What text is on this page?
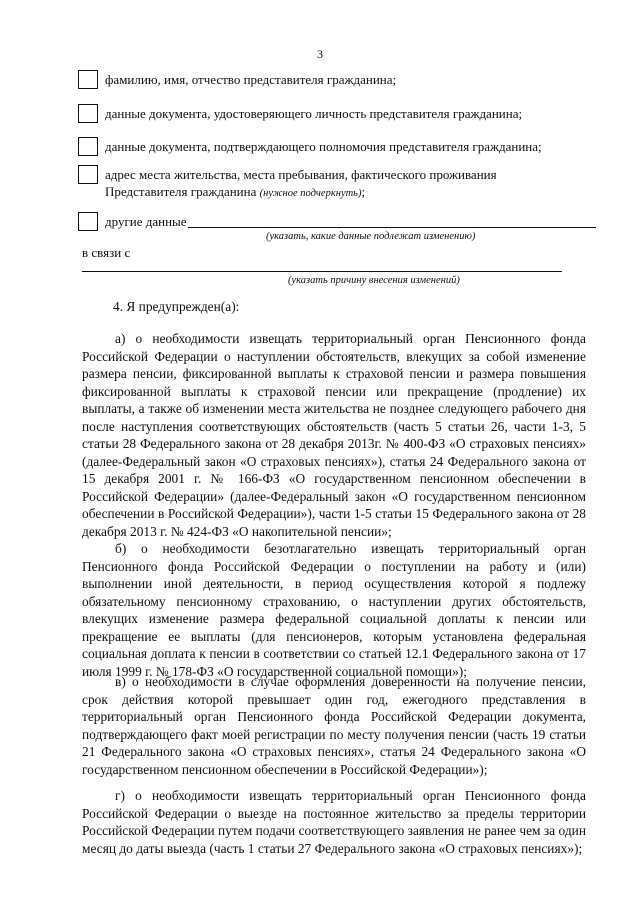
3
фамилию, имя, отчество представителя гражданина;
данные документа, удостоверяющего личность представителя гражданина;
данные документа, подтверждающего полномочия представителя гражданина;
адрес места жительства, места пребывания, фактического проживания
Представителя гражданина (нужное подчеркнуть);
другие данные
(указать, какие данные подлежат изменению)
в связи с
(указать причину внесения изменений)
4. Я предупрежден(а):
а) о необходимости извещать территориальный орган Пенсионного фонда Российской Федерации о наступлении обстоятельств, влекущих за собой изменение размера пенсии, фиксированной выплаты к страховой пенсии и размера повышения фиксированной выплаты к страховой пенсии или прекращение (продление) их выплаты, а также об изменении места жительства не позднее следующего рабочего дня после наступления соответствующих обстоятельств (часть 5 статьи 26, части 1-3, 5 статьи 28 Федерального закона от 28 декабря 2013г. № 400-ФЗ «О страховых пенсиях» (далее-Федеральный закон «О страховых пенсиях»), статья 24 Федерального закона от 15 декабря 2001 г. № 166-ФЗ «О государственном пенсионном обеспечении в Российской Федерации» (далее-Федеральный закон «О государственном пенсионном обеспечении в Российской Федерации»), части 1-5 статьи 15 Федерального закона от 28 декабря 2013 г. № 424-ФЗ «О накопительной пенсии»;
б) о необходимости безотлагательно извещать территориальный орган Пенсионного фонда Российской Федерации о поступлении на работу и (или) выполнении иной деятельности, в период осуществления которой я подлежу обязательному пенсионному страхованию, о наступлении других обстоятельств, влекущих изменение размера федеральной социальной доплаты к пенсии или прекращение ее выплаты (для пенсионеров, которым установлена федеральная социальная доплата к пенсии в соответствии со статьей 12.1 Федерального закона от 17 июля 1999 г. № 178-ФЗ «О государственной социальной помощи»);
в) о необходимости в случае оформления доверенности на получение пенсии, срок действия которой превышает один год, ежегодного представления в территориальный орган Пенсионного фонда Российской Федерации документа, подтверждающего факт моей регистрации по месту получения пенсии (часть 19 статьи 21 Федерального закона «О страховых пенсиях», статья 24 Федерального закона «О государственном пенсионном обеспечении в Российской Федерации»);
г) о необходимости извещать территориальный орган Пенсионного фонда Российской Федерации о выезде на постоянное жительство за пределы территории Российской Федерации путем подачи соответствующего заявления не ранее чем за один месяц до даты выезда (часть 1 статьи 27 Федерального закона «О страховых пенсиях»);
